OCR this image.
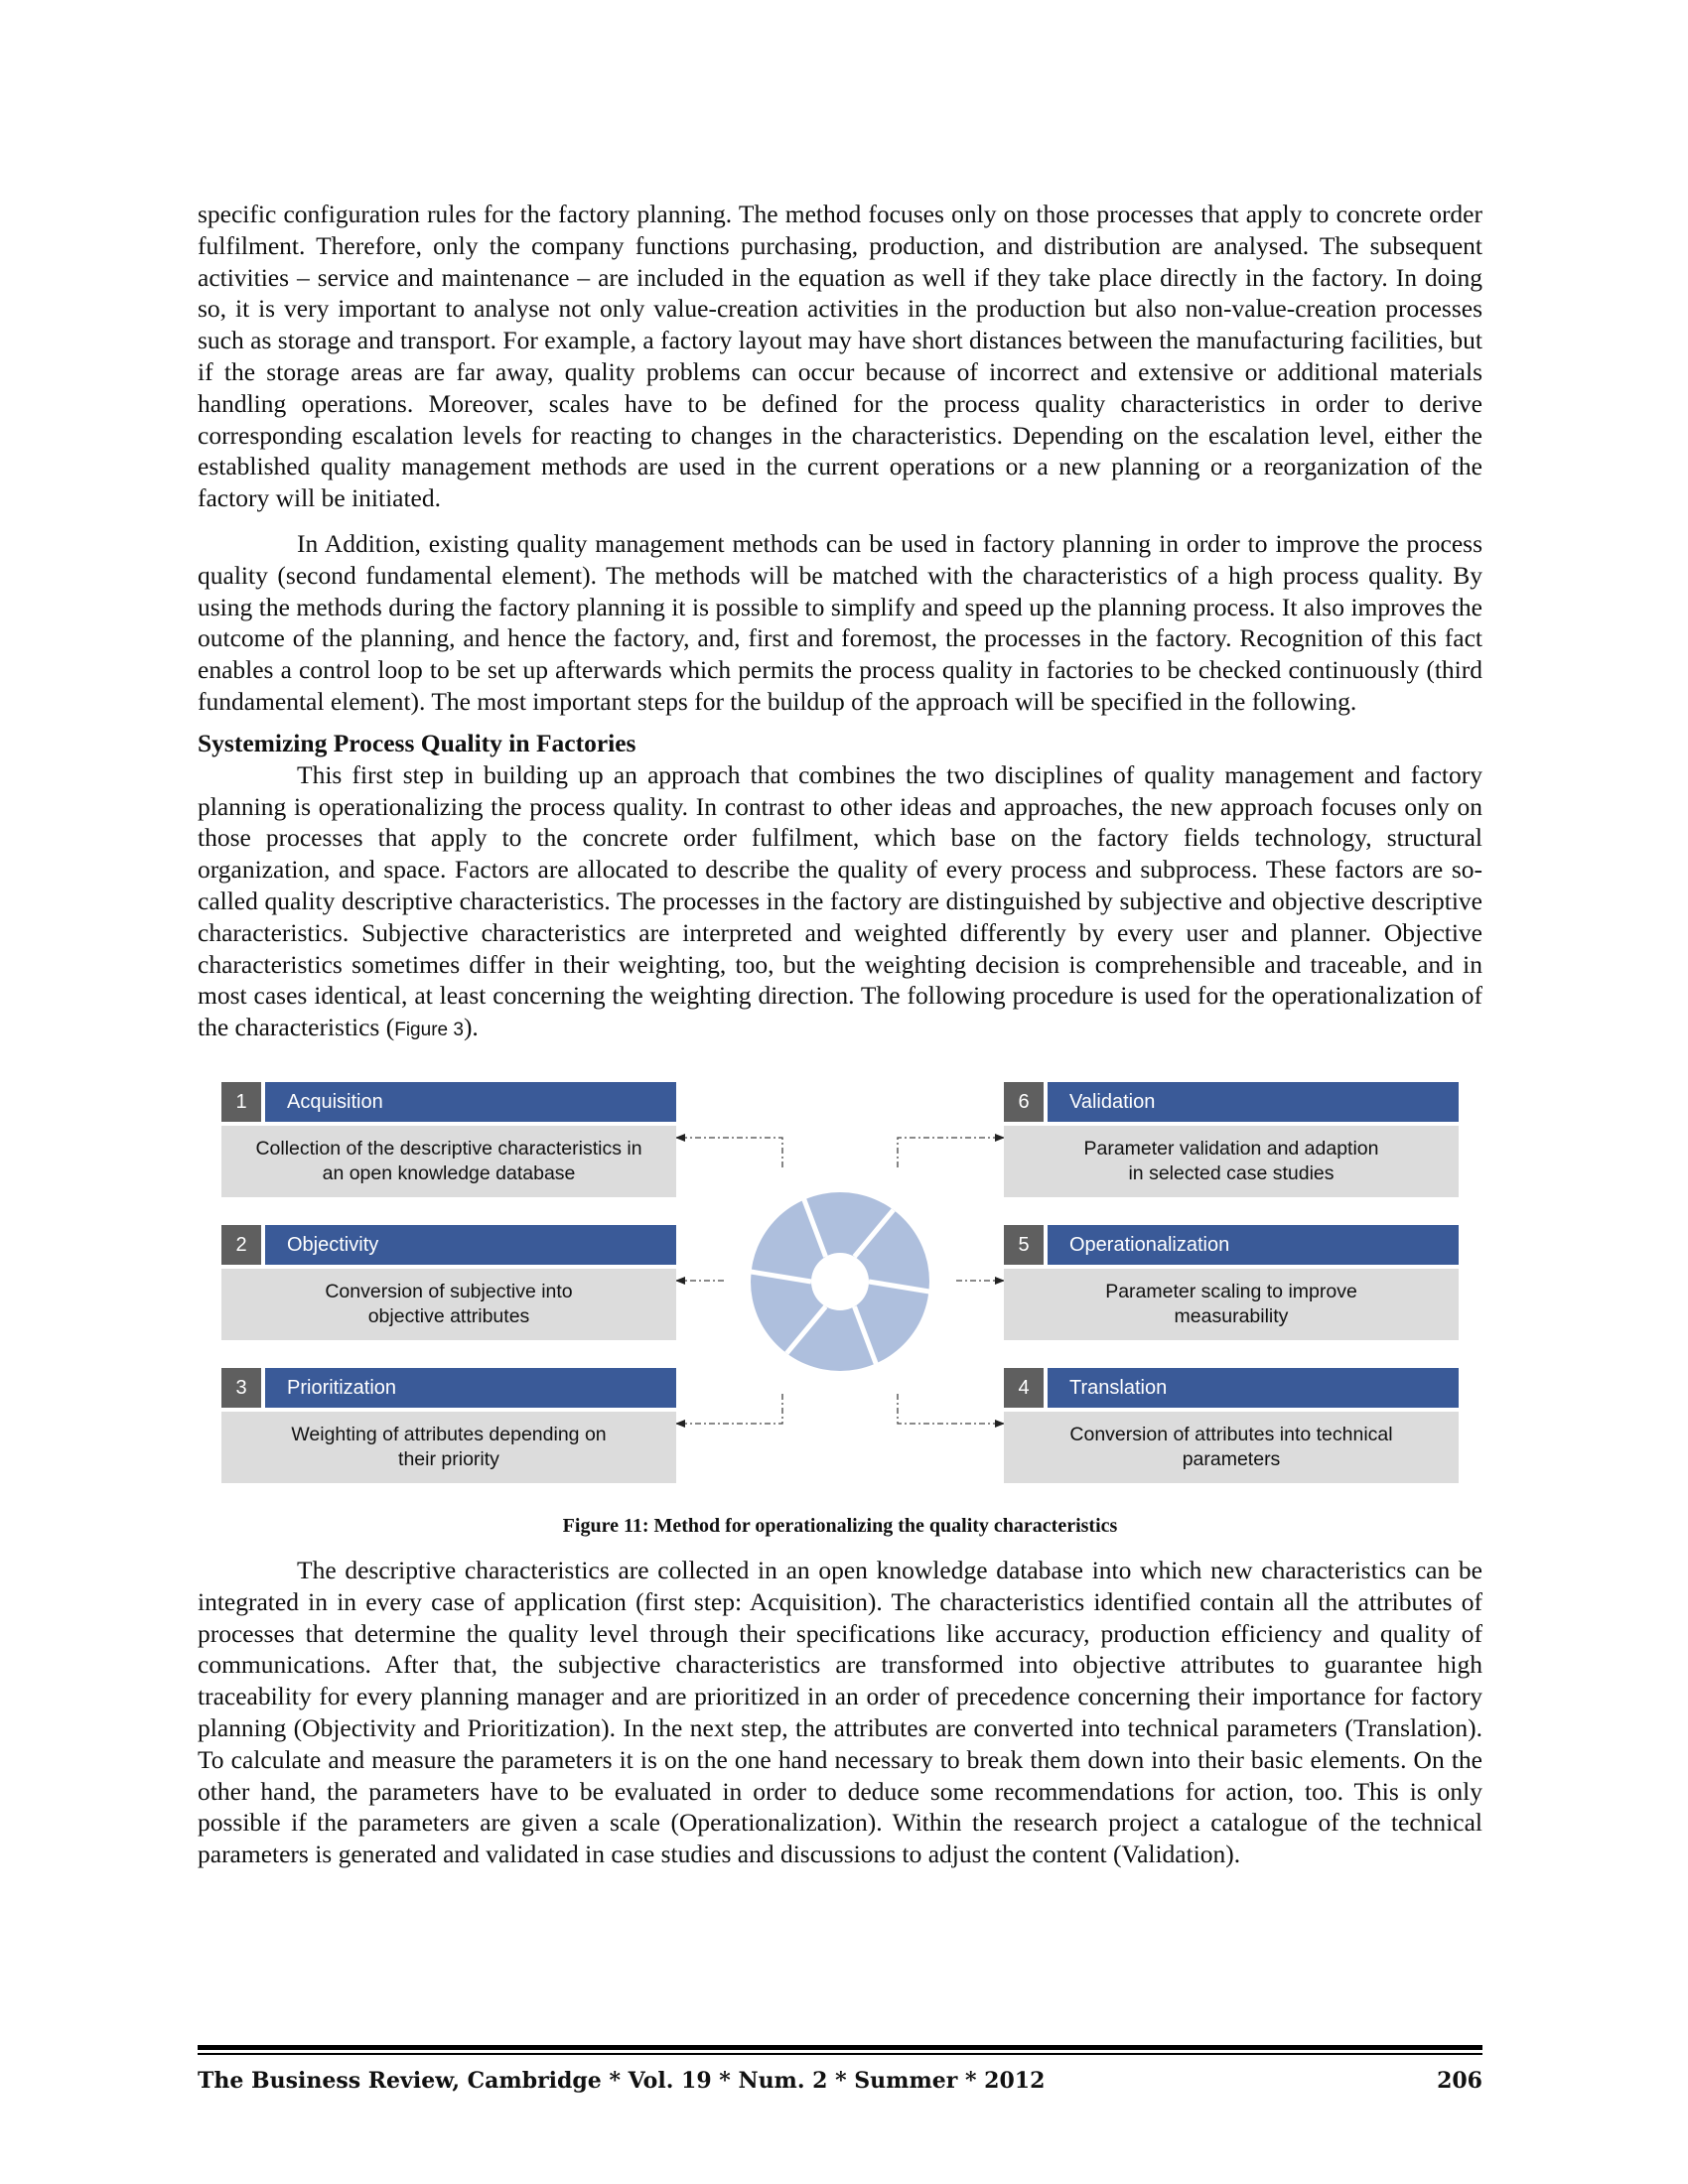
specific configuration rules for the factory planning. The method focuses only on those processes that apply to concrete order fulfilment. Therefore, only the company functions purchasing, production, and distribution are analysed. The subsequent activities – service and maintenance – are included in the equation as well if they take place directly in the factory. In doing so, it is very important to analyse not only value-creation activities in the production but also non-value-creation processes such as storage and transport. For example, a factory layout may have short distances between the manufacturing facilities, but if the storage areas are far away, quality problems can occur because of incorrect and extensive or additional materials handling operations. Moreover, scales have to be defined for the process quality characteristics in order to derive corresponding escalation levels for reacting to changes in the characteristics. Depending on the escalation level, either the established quality management methods are used in the current operations or a new planning or a reorganization of the factory will be initiated.

In Addition, existing quality management methods can be used in factory planning in order to improve the process quality (second fundamental element). The methods will be matched with the characteristics of a high process quality. By using the methods during the factory planning it is possible to simplify and speed up the planning process. It also improves the outcome of the planning, and hence the factory, and, first and foremost, the processes in the factory. Recognition of this fact enables a control loop to be set up afterwards which permits the process quality in factories to be checked continuously (third fundamental element). The most important steps for the buildup of the approach will be specified in the following.

Systemizing Process Quality in Factories

This first step in building up an approach that combines the two disciplines of quality management and factory planning is operationalizing the process quality. In contrast to other ideas and approaches, the new approach focuses only on those processes that apply to the concrete order fulfilment, which base on the factory fields technology, structural organization, and space. Factors are allocated to describe the quality of every process and subprocess. These factors are so-called quality descriptive characteristics. The processes in the factory are distinguished by subjective and objective descriptive characteristics. Subjective characteristics are interpreted and weighted differently by every user and planner. Objective characteristics sometimes differ in their weighting, too, but the weighting decision is comprehensible and traceable, and in most cases identical, at least concerning the weighting direction. The following procedure is used for the operationalization of the characteristics (Figure 3).

1	Acquisition
Collection of the descriptive characteristics in
an open knowledge database
2	Objectivity
Conversion of subjective into
objective attributes
3	Prioritization
Weighting of attributes depending on
their priority
6	Validation
Parameter validation and adaption
in selected case studies
5	Operationalization
Parameter scaling to improve
measurability
4	Translation
Conversion of attributes into technical
parameters
Figure 11: Method for operationalizing the quality characteristics

The descriptive characteristics are collected in an open knowledge database into which new characteristics can be integrated in in every case of application (first step: Acquisition). The characteristics identified contain all the attributes of processes that determine the quality level through their specifications like accuracy, production efficiency and quality of communications. After that, the subjective characteristics are transformed into objective attributes to guarantee high traceability for every planning manager and are prioritized in an order of precedence concerning their importance for factory planning (Objectivity and Prioritization). In the next step, the attributes are converted into technical parameters (Translation). To calculate and measure the parameters it is on the one hand necessary to break them down into their basic elements. On the other hand, the parameters have to be evaluated in order to deduce some recommendations for action, too. This is only possible if the parameters are given a scale (Operationalization). Within the research project a catalogue of the technical parameters is generated and validated in case studies and discussions to adjust the content (Validation).

The Business Review, Cambridge * Vol. 19 * Num. 2 * Summer * 2012	206
